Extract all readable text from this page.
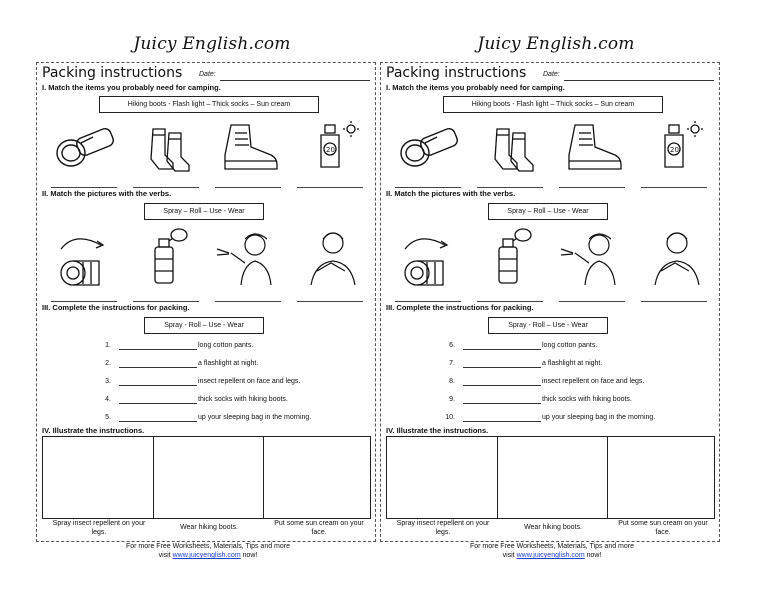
Juicy English.com	Juicy English.com
Packing instructions Date:
I. Match the items you probably need for camping.
Hiking boots - Flash light – Thick socks – Sun cream
20
II. Match the pictures with the verbs.
Spray – Roll – Use - Wear
III. Complete the instructions for packing.
Spray - Roll – Use - Wear
1.	long cotton pants.
2.	a flashlight at night.
3.	insect repellent on face and legs.
4.	thick socks with hiking boots.
5.	up your sleeping bag in the morning.
IV. Illustrate the instructions.
Spray insect repellent on your legs.
Wear hiking boots.
Put some sun cream on your face.
Packing instructions Date:
I. Match the items you probably need for camping.
Hiking boots - Flash light – Thick socks – Sun cream
20
II. Match the pictures with the verbs.
Spray – Roll – Use - Wear
III. Complete the instructions for packing.
Spray - Roll – Use - Wear
6.	long cotton pants.
7.	a flashlight at night.
8.	insect repellent on face and legs.
9.	thick socks with hiking boots.
10.	up your sleeping bag in the morning.
IV. Illustrate the instructions.
Spray insect repellent on your legs.
Wear hiking boots.
Put some sun cream on your face.
For more Free Worksheets, Materials, Tips and more
visit www.juicyenglish.com now!
For more Free Worksheets, Materials, Tips and more
visit www.juicyenglish.com now!
